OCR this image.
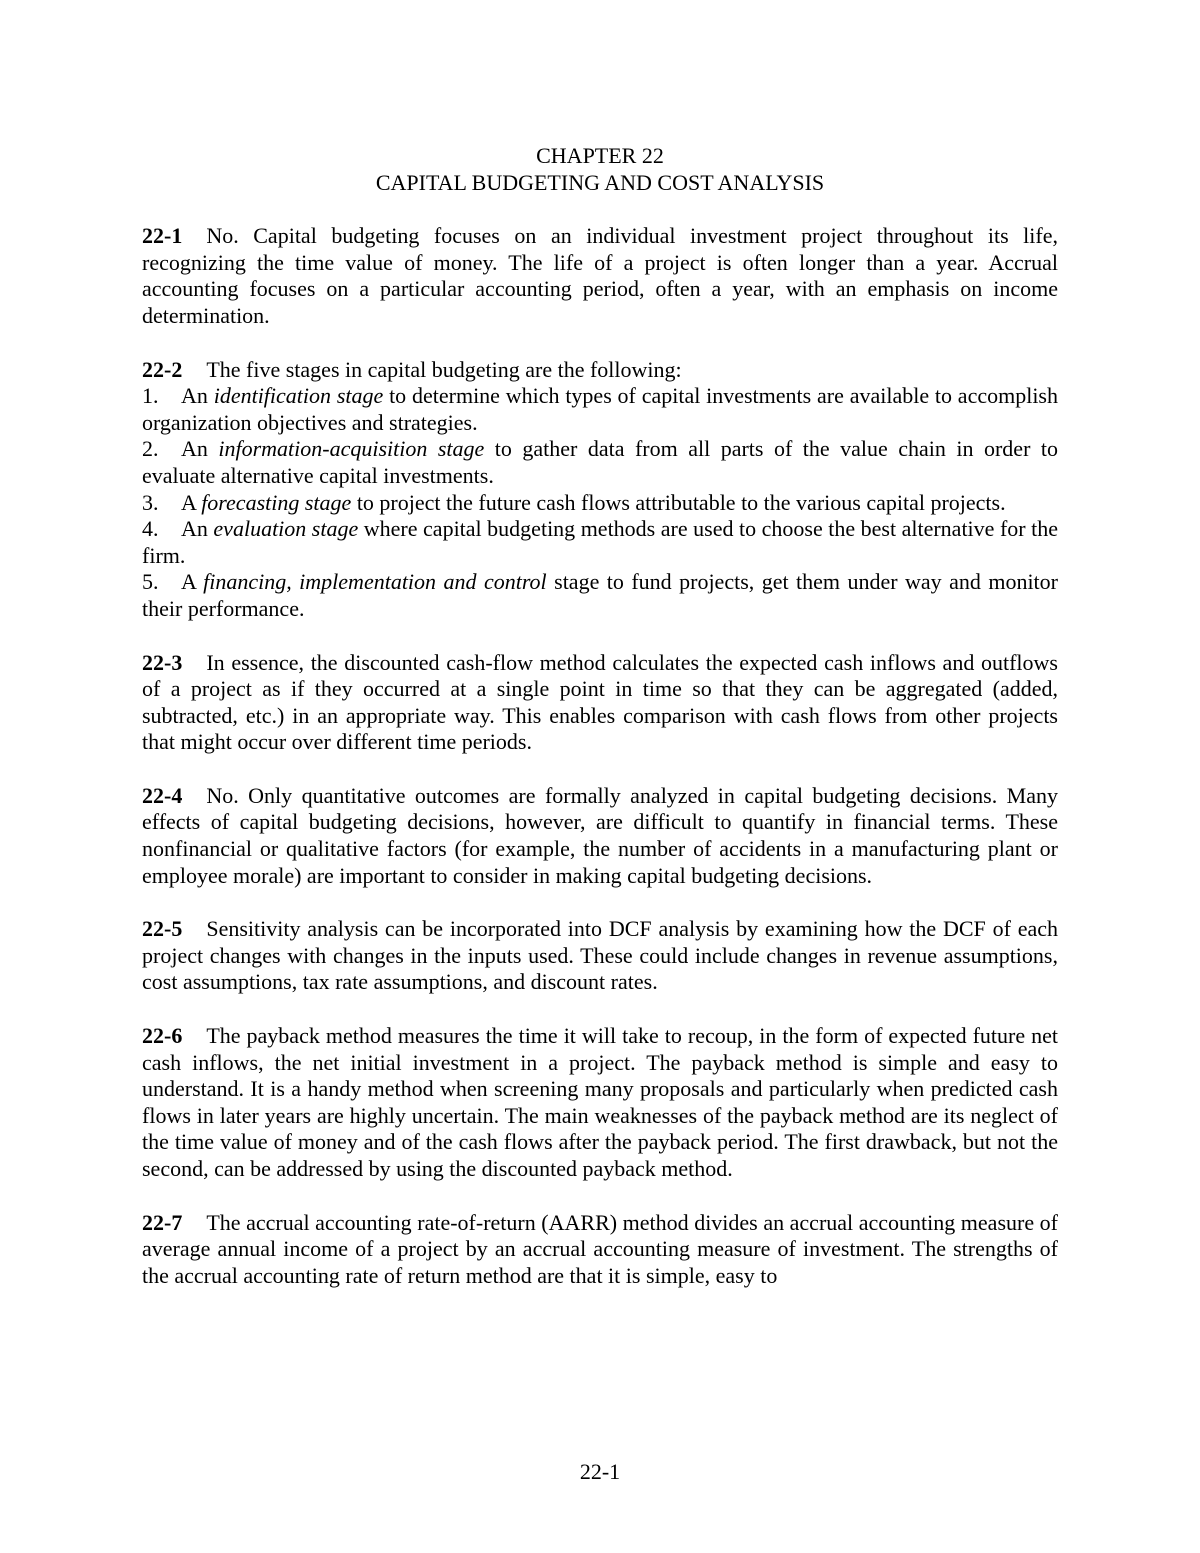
CHAPTER 22

CAPITAL BUDGETING AND COST ANALYSIS

22-1 No. Capital budgeting focuses on an individual investment project throughout its life, recognizing the time value of money. The life of a project is often longer than a year. Accrual accounting focuses on a particular accounting period, often a year, with an emphasis on income determination.

22-2 The five stages in capital budgeting are the following:

1. An identification stage to determine which types of capital investments are available to accomplish organization objectives and strategies.

2. An information-acquisition stage to gather data from all parts of the value chain in order to evaluate alternative capital investments.

3. A forecasting stage to project the future cash flows attributable to the various capital projects.

4. An evaluation stage where capital budgeting methods are used to choose the best alternative for the firm.

5. A financing, implementation and control stage to fund projects, get them under way and monitor their performance.

22-3 In essence, the discounted cash-flow method calculates the expected cash inflows and outflows of a project as if they occurred at a single point in time so that they can be aggregated (added, subtracted, etc.) in an appropriate way. This enables comparison with cash flows from other projects that might occur over different time periods.

22-4 No. Only quantitative outcomes are formally analyzed in capital budgeting decisions. Many effects of capital budgeting decisions, however, are difficult to quantify in financial terms. These nonfinancial or qualitative factors (for example, the number of accidents in a manufacturing plant or employee morale) are important to consider in making capital budgeting decisions.

22-5 Sensitivity analysis can be incorporated into DCF analysis by examining how the DCF of each project changes with changes in the inputs used. These could include changes in revenue assumptions, cost assumptions, tax rate assumptions, and discount rates.

22-6 The payback method measures the time it will take to recoup, in the form of expected future net cash inflows, the net initial investment in a project. The payback method is simple and easy to understand. It is a handy method when screening many proposals and particularly when predicted cash flows in later years are highly uncertain. The main weaknesses of the payback method are its neglect of the time value of money and of the cash flows after the payback period. The first drawback, but not the second, can be addressed by using the discounted payback method.

22-7 The accrual accounting rate-of-return (AARR) method divides an accrual accounting measure of average annual income of a project by an accrual accounting measure of investment. The strengths of the accrual accounting rate of return method are that it is simple, easy to

22-1
